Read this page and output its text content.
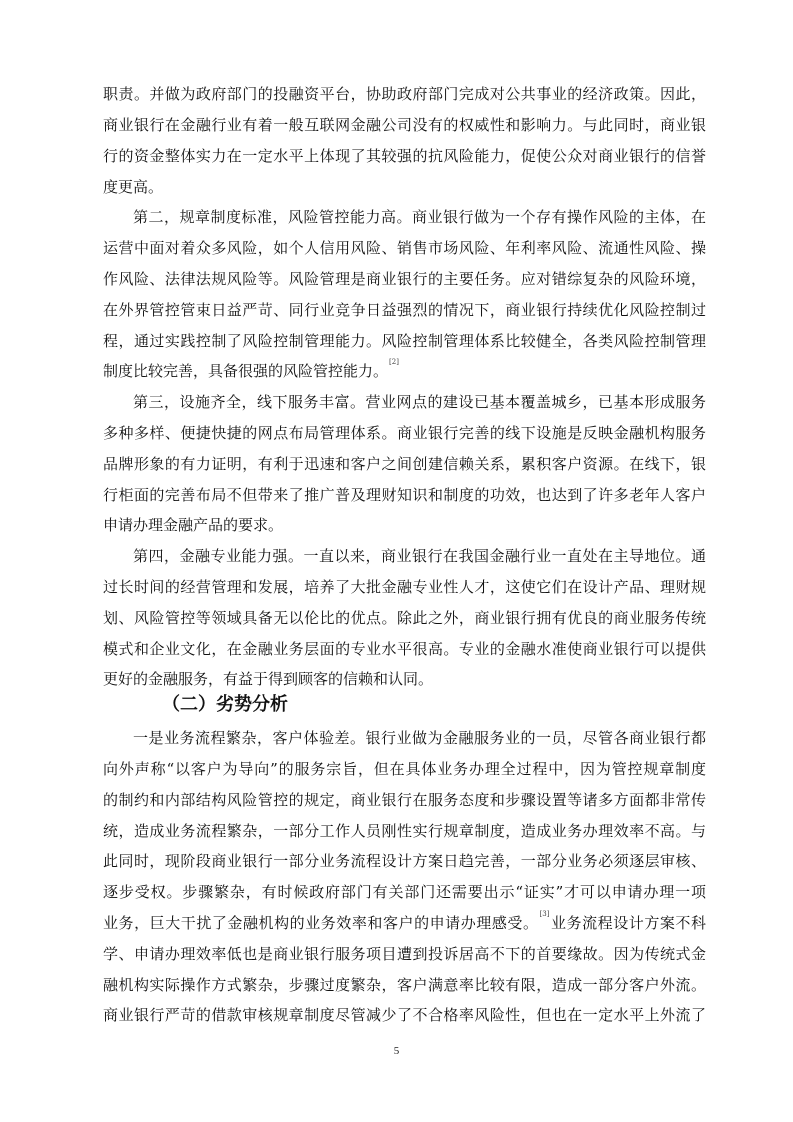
职责。并做为政府部门的投融资平台，协助政府部门完成对公共事业的经济政策。因此，

商业银行在金融行业有着一般互联网金融公司没有的权威性和影响力。与此同时，商业银

行的资金整体实力在一定水平上体现了其较强的抗风险能力，促使公众对商业银行的信誉

度更高。

第二，规章制度标准，风险管控能力高。商业银行做为一个存有操作风险的主体，在

运营中面对着众多风险，如个人信用风险、销售市场风险、年利率风险、流通性风险、操

作风险、法律法规风险等。风险管理是商业银行的主要任务。应对错综复杂的风险环境，

在外界管控管束日益严苛、同行业竞争日益强烈的情况下，商业银行持续优化风险控制过

程，通过实践控制了风险控制管理能力。风险控制管理体系比较健全，各类风险控制管理

制度比较完善，具备很强的风险管控能力。[2]

第三，设施齐全，线下服务丰富。营业网点的建设已基本覆盖城乡，已基本形成服务

多种多样、便捷快捷的网点布局管理体系。商业银行完善的线下设施是反映金融机构服务

品牌形象的有力证明，有利于迅速和客户之间创建信赖关系，累积客户资源。在线下，银

行柜面的完善布局不但带来了推广普及理财知识和制度的功效，也达到了许多老年人客户

申请办理金融产品的要求。

第四，金融专业能力强。一直以来，商业银行在我国金融行业一直处在主导地位。通

过长时间的经营管理和发展，培养了大批金融专业性人才，这使它们在设计产品、理财规

划、风险管控等领域具备无以伦比的优点。除此之外，商业银行拥有优良的商业服务传统

模式和企业文化，在金融业务层面的专业水平很高。专业的金融水准使商业银行可以提供

更好的金融服务，有益于得到顾客的信赖和认同。

（二）劣势分析

一是业务流程繁杂，客户体验差。银行业做为金融服务业的一员，尽管各商业银行都

向外声称“以客户为导向”的服务宗旨，但在具体业务办理全过程中，因为管控规章制度

的制约和内部结构风险管控的规定，商业银行在服务态度和步骤设置等诸多方面都非常传

统，造成业务流程繁杂，一部分工作人员刚性实行规章制度，造成业务办理效率不高。与

此同时，现阶段商业银行一部分业务流程设计方案日趋完善，一部分业务必须逐层审核、

逐步受权。步骤繁杂，有时候政府部门有关部门还需要出示“证实”才可以申请办理一项

业务，巨大干扰了金融机构的业务效率和客户的申请办理感受。[3]业务流程设计方案不科

学、申请办理效率低也是商业银行服务项目遭到投诉居高不下的首要缘故。因为传统式金

融机构实际操作方式繁杂，步骤过度繁杂，客户满意率比较有限，造成一部分客户外流。

商业银行严苛的借款审核规章制度尽管减少了不合格率风险性，但也在一定水平上外流了

5
